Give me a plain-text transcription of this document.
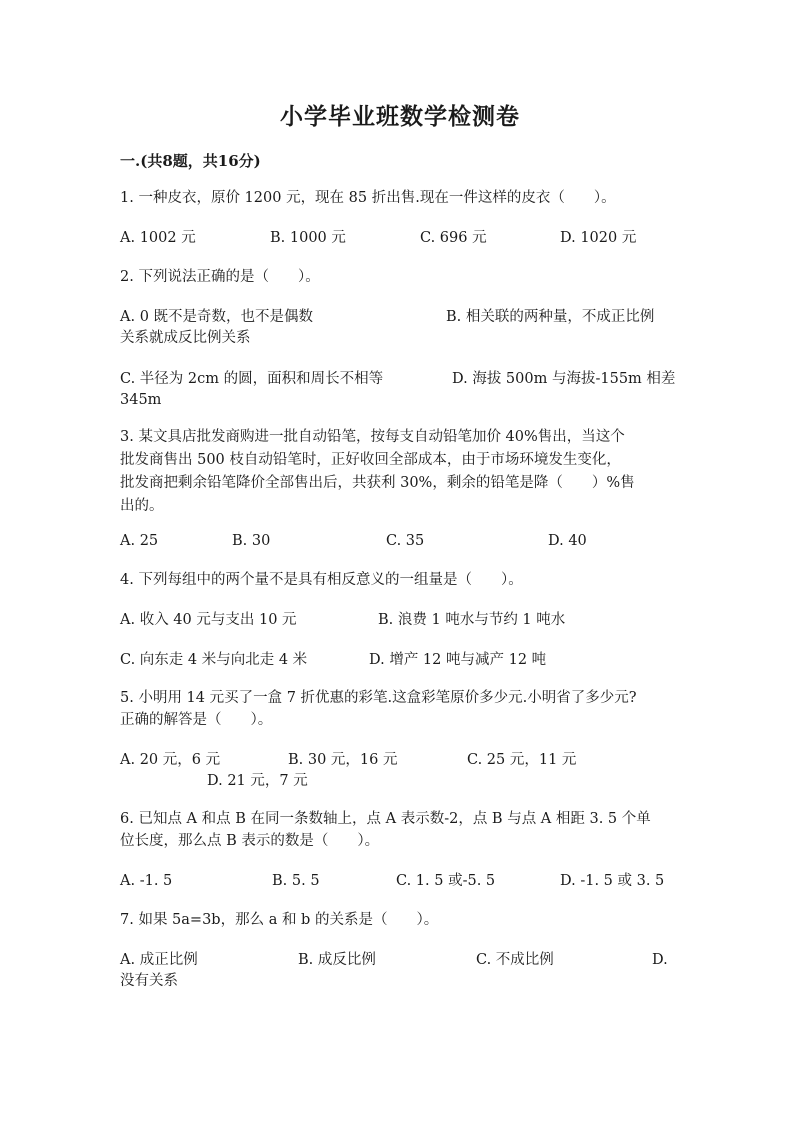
小学毕业班数学检测卷
一.(共8题，共16分)
1. 一种皮衣，原价 1200 元，现在 85 折出售.现在一件这样的皮衣（　　）。
A. 1002 元	B. 1000 元	C. 696 元	D. 1020 元
2. 下列说法正确的是（　　）。
A. 0 既不是奇数，也不是偶数	B. 相关联的两种量，不成正比例
关系就成反比例关系
C. 半径为 2cm 的圆，面积和周长不相等	D. 海拔 500m 与海拔-155m 相差
345m
3. 某文具店批发商购进一批自动铅笔，按每支自动铅笔加价 40%售出，当这个
批发商售出 500 枝自动铅笔时，正好收回全部成本，由于市场环境发生变化，
批发商把剩余铅笔降价全部售出后，共获利 30%，剩余的铅笔是降（　　）%售
出的。
A. 25	B. 30	C. 35	D. 40
4. 下列每组中的两个量不是具有相反意义的一组量是（　　）。
A. 收入 40 元与支出 10 元	B. 浪费 1 吨水与节约 1 吨水
C. 向东走 4 米与向北走 4 米	D. 增产 12 吨与减产 12 吨
5. 小明用 14 元买了一盒 7 折优惠的彩笔.这盒彩笔原价多少元.小明省了多少元?
正确的解答是（　　）。
A. 20 元，6 元	B. 30 元，16 元	C. 25 元，11 元
D. 21 元，7 元
6. 已知点 A 和点 B 在同一条数轴上，点 A 表示数-2，点 B 与点 A 相距 3. 5 个单
位长度，那么点 B 表示的数是（　　）。
A. -1. 5	B. 5. 5	C. 1. 5 或-5. 5	D. -1. 5 或 3. 5
7. 如果 5a=3b，那么 a 和 b 的关系是（　　）。
A. 成正比例	B. 成反比例	C. 不成比例	D.
没有关系
